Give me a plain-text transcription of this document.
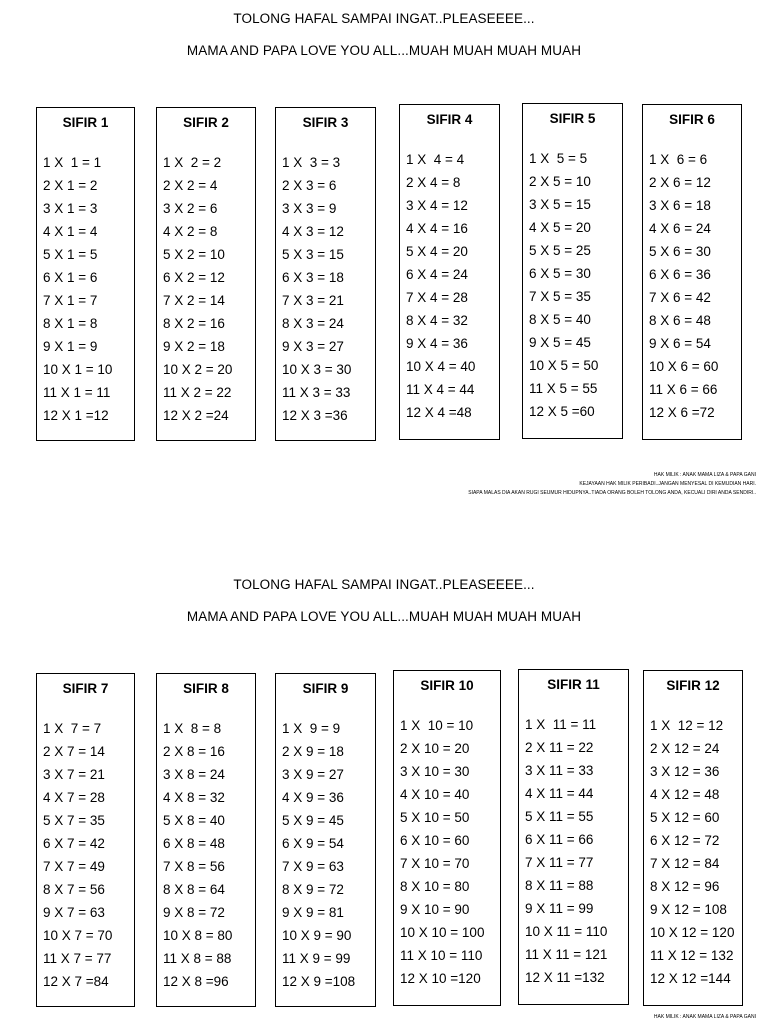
TOLONG HAFAL SAMPAI INGAT..PLEASEEEE...
MAMA AND PAPA LOVE YOU ALL...MUAH MUAH MUAH MUAH
SIFIR 1
1 X  1 = 1
2 X 1 = 2
3 X 1 = 3
4 X 1 = 4
5 X 1 = 5
6 X 1 = 6
7 X 1 = 7
8 X 1 = 8
9 X 1 = 9
10 X 1 = 10
11 X 1 = 11
12 X 1 =12
SIFIR 2
1 X  2 = 2
2 X 2 = 4
3 X 2 = 6
4 X 2 = 8
5 X 2 = 10
6 X 2 = 12
7 X 2 = 14
8 X 2 = 16
9 X 2 = 18
10 X 2 = 20
11 X 2 = 22
12 X 2 =24
SIFIR 3
1 X  3 = 3
2 X 3 = 6
3 X 3 = 9
4 X 3 = 12
5 X 3 = 15
6 X 3 = 18
7 X 3 = 21
8 X 3 = 24
9 X 3 = 27
10 X 3 = 30
11 X 3 = 33
12 X 3 =36
SIFIR 4
1 X  4 = 4
2 X 4 = 8
3 X 4 = 12
4 X 4 = 16
5 X 4 = 20
6 X 4 = 24
7 X 4 = 28
8 X 4 = 32
9 X 4 = 36
10 X 4 = 40
11 X 4 = 44
12 X 4 =48
SIFIR 5
1 X  5 = 5
2 X 5 = 10
3 X 5 = 15
4 X 5 = 20
5 X 5 = 25
6 X 5 = 30
7 X 5 = 35
8 X 5 = 40
9 X 5 = 45
10 X 5 = 50
11 X 5 = 55
12 X 5 =60
SIFIR 6
1 X  6 = 6
2 X 6 = 12
3 X 6 = 18
4 X 6 = 24
5 X 6 = 30
6 X 6 = 36
7 X 6 = 42
8 X 6 = 48
9 X 6 = 54
10 X 6 = 60
11 X 6 = 66
12 X 6 =72
HAK MILIK : ANAK MAMA LIZA & PAPA GANI
KEJAYAAN HAK MILIK PERIBADI..JANGAN MENYESAL DI KEMUDIAN HARI.
SIAPA MALAS DIA AKAN RUGI SEUMUR HIDUPNYA..TIADA ORANG BOLEH TOLONG ANDA, KECUALI DIRI ANDA SENDIRI..
TOLONG HAFAL SAMPAI INGAT..PLEASEEEE...
MAMA AND PAPA LOVE YOU ALL...MUAH MUAH MUAH MUAH
SIFIR 7
1 X  7 = 7
2 X 7 = 14
3 X 7 = 21
4 X 7 = 28
5 X 7 = 35
6 X 7 = 42
7 X 7 = 49
8 X 7 = 56
9 X 7 = 63
10 X 7 = 70
11 X 7 = 77
12 X 7 =84
SIFIR 8
1 X  8 = 8
2 X 8 = 16
3 X 8 = 24
4 X 8 = 32
5 X 8 = 40
6 X 8 = 48
7 X 8 = 56
8 X 8 = 64
9 X 8 = 72
10 X 8 = 80
11 X 8 = 88
12 X 8 =96
SIFIR 9
1 X  9 = 9
2 X 9 = 18
3 X 9 = 27
4 X 9 = 36
5 X 9 = 45
6 X 9 = 54
7 X 9 = 63
8 X 9 = 72
9 X 9 = 81
10 X 9 = 90
11 X 9 = 99
12 X 9 =108
SIFIR 10
1 X  10 = 10
2 X 10 = 20
3 X 10 = 30
4 X 10 = 40
5 X 10 = 50
6 X 10 = 60
7 X 10 = 70
8 X 10 = 80
9 X 10 = 90
10 X 10 = 100
11 X 10 = 110
12 X 10 =120
SIFIR 11
1 X  11 = 11
2 X 11 = 22
3 X 11 = 33
4 X 11 = 44
5 X 11 = 55
6 X 11 = 66
7 X 11 = 77
8 X 11 = 88
9 X 11 = 99
10 X 11 = 110
11 X 11 = 121
12 X 11 =132
SIFIR 12
1 X  12 = 12
2 X 12 = 24
3 X 12 = 36
4 X 12 = 48
5 X 12 = 60
6 X 12 = 72
7 X 12 = 84
8 X 12 = 96
9 X 12 = 108
10 X 12 = 120
11 X 12 = 132
12 X 12 =144
HAK MILIK : ANAK MAMA LIZA & PAPA GANI
